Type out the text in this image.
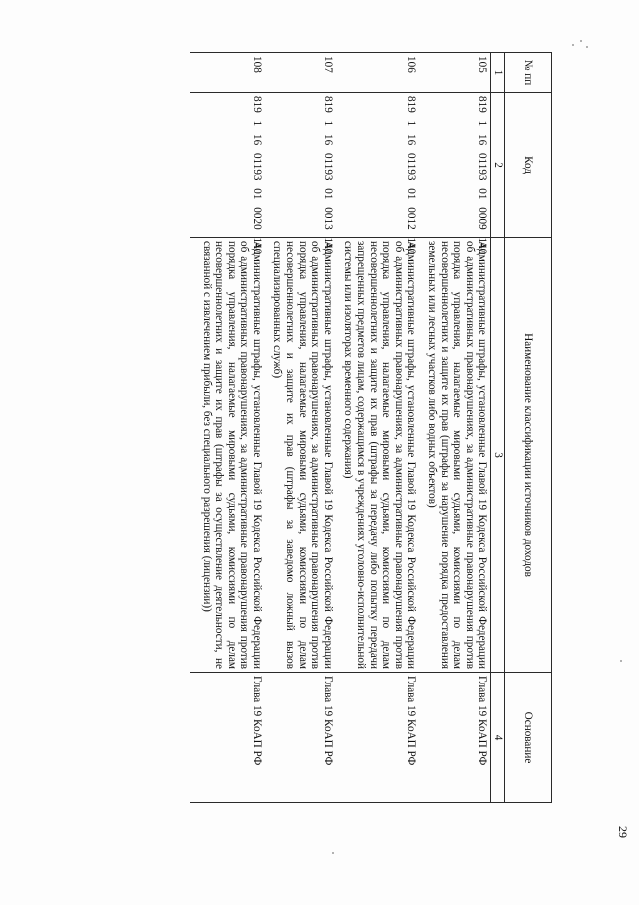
29
№ пп	Код	Наименование классификации источников доходов	Основание
1	2	3	4
105	819 1 16 01193 01 0009 140	Административные штрафы, установленные Главой 19 Кодекса Российской Федерации об административных правонарушениях, за административные правонарушения против порядка управления, налагаемые мировыми судьями, комиссиями по делам несовершеннолетних и защите их прав (штрафы за нарушение порядка предоставления земельных или лесных участков либо водных объектов)	Глава 19 КоАП РФ
106	819 1 16 01193 01 0012 140	Административные штрафы, установленные Главой 19 Кодекса Российской Федерации об административных правонарушениях, за административные правонарушения против порядка управления, налагаемые мировыми судьями, комиссиями по делам несовершеннолетних и защите их прав (штрафы за передачу либо попытку передачи запрещенных предметов лицам, содержащимся в учреждениях уголовно-исполнительной системы или изоляторах временного содержания)	Глава 19 КоАП РФ
107	819 1 16 01193 01 0013 140	Административные штрафы, установленные Главой 19 Кодекса Российской Федерации об административных правонарушениях, за административные правонарушения против порядка управления, налагаемые мировыми судьями, комиссиями по делам несовершеннолетних и защите их прав (штрафы за заведомо ложный вызов специализированных служб)	Глава 19 КоАП РФ
108	819 1 16 01193 01 0020 140	Административные штрафы, установленные Главой 19 Кодекса Российской Федерации об административных правонарушениях, за административные правонарушения против порядка управления, налагаемые мировыми судьями, комиссиями по делам несовершеннолетних и защите их прав (штрафы за осуществление деятельности, не связанной с извлечением прибыли, без специального разрешения (лицензии))	Глава 19 КоАП РФ
